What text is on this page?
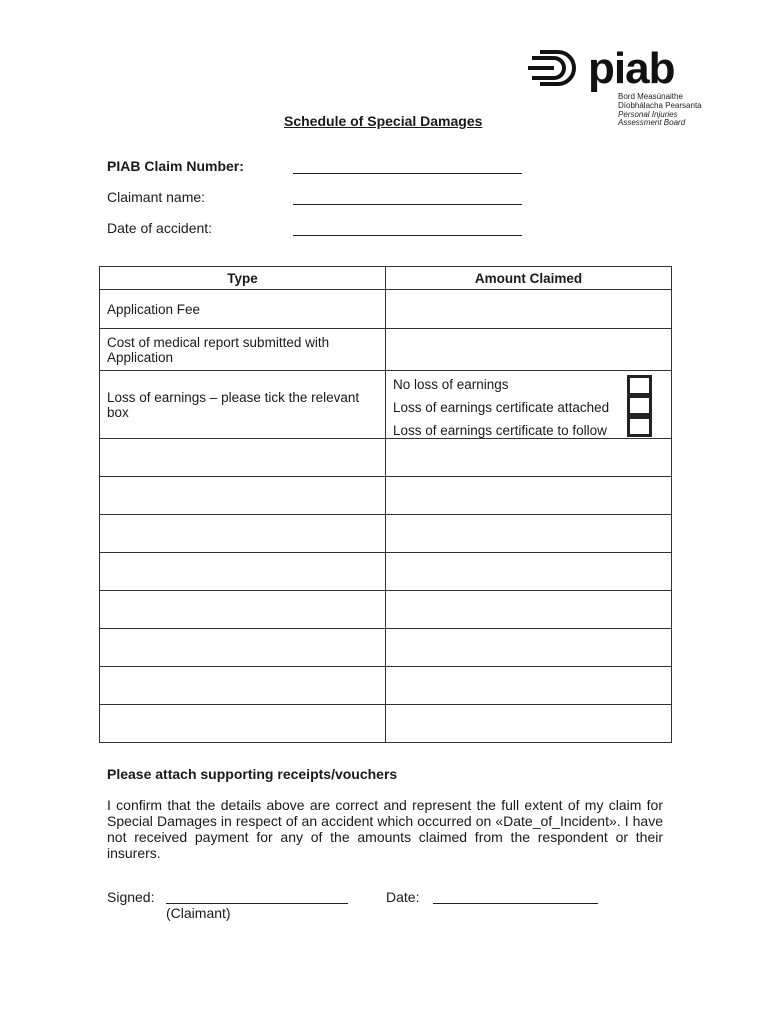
piab
Bord Measúnaithe
Díobhálacha Pearsanta
Personal Injuries
Assessment Board
Schedule of Special Damages
PIAB Claim Number:
Claimant name:
Date of accident:
Type	Amount Claimed
Application Fee	
Cost of medical report submitted with Application	
Loss of earnings – please tick the relevant box	No loss of earnings
Loss of earnings certificate attached
Loss of earnings certificate to follow

Please attach supporting receipts/vouchers
I confirm that the details above are correct and represent the full extent of my claim for Special Damages in respect of an accident which occurred on «Date_of_Incident». I have not received payment for any of the amounts claimed from the respondent or their insurers.
Signed:
(Claimant)
Date:
